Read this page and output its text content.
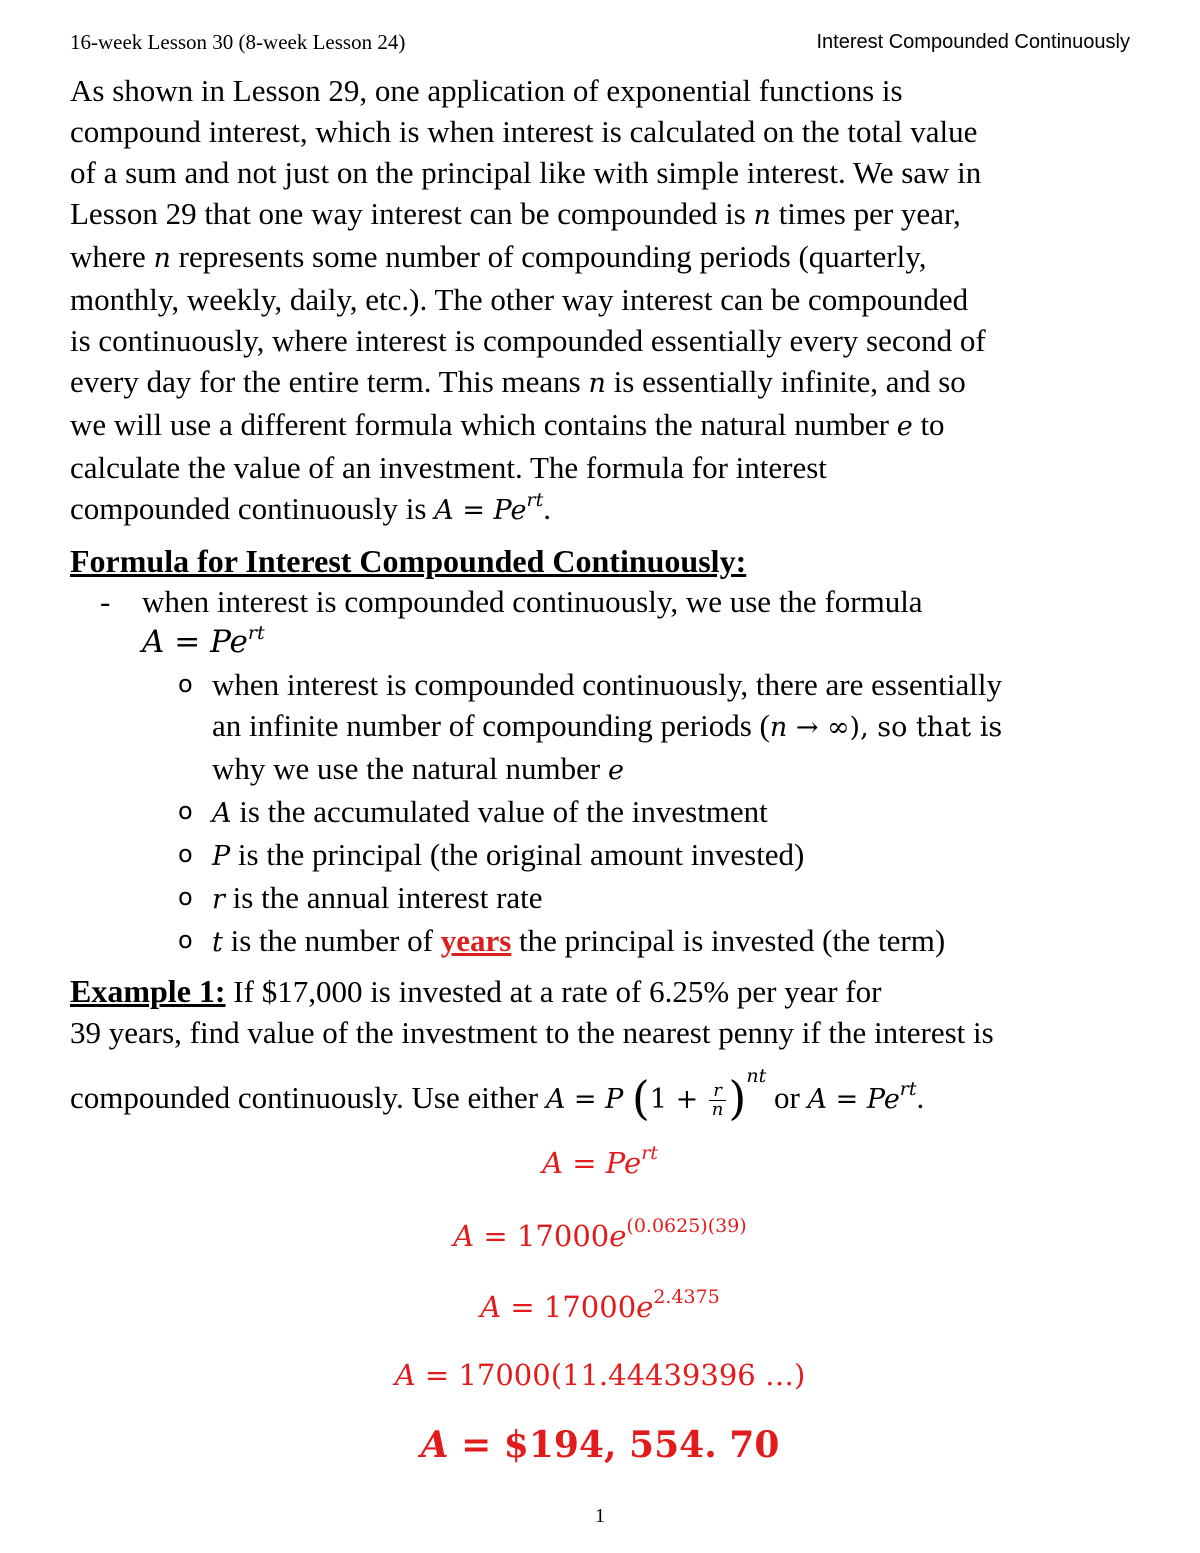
16-week Lesson 30 (8-week Lesson 24)	Interest Compounded Continuously

As shown in Lesson 29, one application of exponential functions is

compound interest, which is when interest is calculated on the total value

of a sum and not just on the principal like with simple interest. We saw in

Lesson 29 that one way interest can be compounded is n times per year,

where n represents some number of compounding periods (quarterly,

monthly, weekly, daily, etc.). The other way interest can be compounded

is continuously, where interest is compounded essentially every second of

every day for the entire term. This means n is essentially infinite, and so

we will use a different formula which contains the natural number e to

calculate the value of an investment. The formula for interest

compounded continuously is $A = Pe^{rt}$.

Formula for Interest Compounded Continuously:
- when interest is compounded continuously, we use the formula
$A = Pe^{rt}$
o when interest is compounded continuously, there are essentially
an infinite number of compounding periods (n → ∞), so that is
why we use the natural number e
o A is the accumulated value of the investment
o P is the principal (the original amount invested)
o r is the annual interest rate
o t is the number of years the principal is invested (the term)

Example 1: If $17,000 is invested at a rate of 6.25% per year for

39 years, find value of the investment to the nearest penny if the interest is

compounded continuously. Use either A = P $(1 + \frac{r}{n} )^{nt}$ or $A = Pe^{rt}$.
$A = Pe^{rt}$
$A = 17000e^{(0.0625)(39)}$
$A = 17000e^{2.4375}$
A = 17000(11.44439396 …)
A = $194, 554. 70
1
